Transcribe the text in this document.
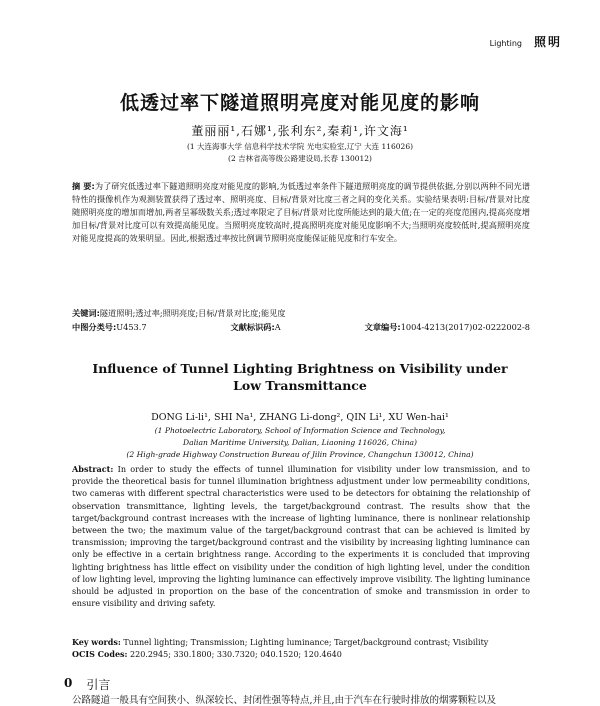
Lighting 照明
低透过率下隧道照明亮度对能见度的影响
董丽丽¹,石娜¹,张利东²,秦莉¹,许文海¹
(1 大连海事大学 信息科学技术学院 光电实验室,辽宁 大连 116026)
(2 吉林省高等级公路建设局,长春 130012)
摘 要:为了研究低透过率下隧道照明亮度对能见度的影响,为低透过率条件下隧道照明亮度的调节提供依据,分别以两种不同光谱特性的摄像机作为观测装置获得了透过率、照明亮度、目标/背景对比度三者之间的变化关系。实验结果表明:目标/背景对比度随照明亮度的增加而增加,两者呈幂级数关系;透过率限定了目标/背景对比度所能达到的最大值;在一定的亮度范围内,提高亮度增加目标/背景对比度可以有效提高能见度。当照明亮度较高时,提高照明亮度对能见度影响不大;当照明亮度较低时,提高照明亮度对能见度提高的效果明显。因此,根据透过率按比例调节照明亮度能保证能见度和行车安全。
关键词:隧道照明;透过率;照明亮度;目标/背景对比度;能见度
中图分类号:U453.7	文献标识码:A	文章编号:1004-4213(2017)02-0222002-8
Influence of Tunnel Lighting Brightness on Visibility under
Low Transmittance
DONG Li-li¹, SHI Na¹, ZHANG Li-dong², QIN Li¹, XU Wen-hai¹
(1 Photoelectric Laboratory, School of Information Science and Technology,
Dalian Maritime University, Dalian, Liaoning 116026, China)
(2 High-grade Highway Construction Bureau of Jilin Province, Changchun 130012, China)
Abstract: In order to study the effects of tunnel illumination for visibility under low transmission, and to provide the theoretical basis for tunnel illumination brightness adjustment under low permeability conditions, two cameras with different spectral characteristics were used to be detectors for obtaining the relationship of observation transmittance, lighting levels, the target/background contrast. The results show that the target/background contrast increases with the increase of lighting luminance, there is nonlinear relationship between the two; the maximum value of the target/background contrast that can be achieved is limited by transmission; improving the target/background contrast and the visibility by increasing lighting luminance can only be effective in a certain brightness range. According to the experiments it is concluded that improving lighting brightness has little effect on visibility under the condition of high lighting level, under the condition of low lighting level, improving the lighting luminance can effectively improve visibility. The lighting luminance should be adjusted in proportion on the base of the concentration of smoke and transmission in order to ensure visibility and driving safety.
Key words: Tunnel lighting; Transmission; Lighting luminance; Target/background contrast; Visibility
OCIS Codes: 220.2945; 330.1800; 330.7320; 040.1520; 120.4640
0 引言
公路隧道一般具有空间狭小、纵深较长、封闭性强等特点,并且,由于汽车在行驶时排放的烟雾颗粒以及
